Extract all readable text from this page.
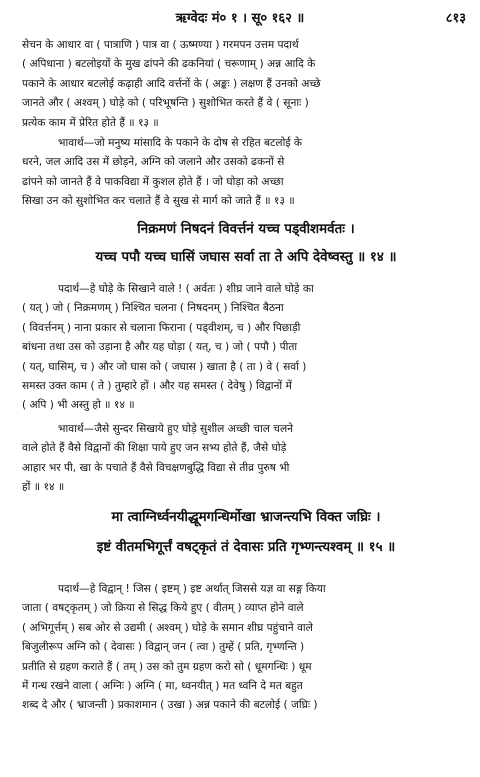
ऋग्वेदः मं० १ । सू० १६२ ॥	८१३

सेचन के आधार वा ( पात्राणि ) पात्र वा ( ऊष्मण्या ) गरमपन उत्तम पदार्थ

( अपिधाना ) बटलोइयों के मुख ढांपने की ढकनियां ( चरूणाम् ) अन्न आदि के

पकाने के आधार बटलोई कढ़ाही आदि वर्त्तनों के ( अङ्कः ) लक्षण हैं उनको अच्छे

जानते और ( अश्वम् ) घोड़े को ( परिभूषन्ति ) सुशोभित करते हैं वे ( सूनाः )

प्रत्येक काम में प्रेरित होते हैं ॥ १३ ॥

भावार्थ—जो मनुष्य मांसादि के पकाने के दोष से रहित बटलोई के

धरने, जल आदि उस में छोड़ने, अग्नि को जलाने और उसको ढकनों से

ढांपने को जानते हैं वे पाकविद्या में कुशल होते हैं । जो घोड़ा को अच्छा

सिखा उन को सुशोभित कर चलाते हैं वे सुख से मार्ग को जाते हैं ॥ १३ ॥

निक्रमणं निषदनं विवर्त्तनं यच्च पड्वीशमर्वतः ।

यच्च पपौ यच्च घासिं जघास सर्वा ता ते अपि देवेष्वस्तु ॥ १४ ॥

पदार्थ—हे घोड़े के सिखाने वाले ! ( अर्वतः ) शीघ्र जाने वाले घोड़े का

( यत् ) जो ( निक्रमणम् ) निश्चित चलना ( निषदनम् ) निश्चित बैठना

( विवर्त्तनम् ) नाना प्रकार से चलाना फिराना ( पड्वीशम्, च ) और पिछाड़ी

बांधना तथा उस को उड़ाना है और यह घोड़ा ( यत्, च ) जो ( पपौ ) पीता

( यत्, घासिम्, च ) और जो घास को ( जघास ) खाता है ( ता ) वे ( सर्वा )

समस्त उक्त काम ( ते ) तुम्हारे हों । और यह समस्त ( देवेषु ) विद्वानों में

( अपि ) भी अस्तु हो ॥ १४ ॥

भावार्थ—जैसे सुन्दर सिखाये हुए घोड़े सुशील अच्छी चाल चलने

वाले होते हैं वैसे विद्वानों की शिक्षा पाये हुए जन सभ्य होते हैं, जैसे घोड़े

आहार भर पी, खा के पचाते हैं वैसे विचक्षणबुद्धि विद्या से तीव्र पुरुष भी

हों ॥ १४ ॥

मा त्वाग्निर्ध्वनयीद्धूमगन्धिर्मोखा भ्राजन्त्यभि विक्त जघ्रिः ।

इष्टं वीतमभिगूर्त्तं वषट्कृतं तं देवासः प्रति गृभ्णन्त्यश्वम् ॥ १५ ॥

पदार्थ—हे विद्वान् ! जिस ( इष्टम् ) इष्ट अर्थात् जिससे यज्ञ वा सङ्ग किया

जाता ( वषट्कृतम् ) जो क्रिया से सिद्ध किये हुए ( वीतम् ) व्याप्त होने वाले

( अभिगूर्त्तम् ) सब ओर से उद्यमी ( अश्वम् ) घोड़े के समान शीघ्र पहुंचाने वाले

बिजुलीरूप अग्नि को ( देवासः ) विद्वान् जन ( त्वा ) तुम्हें ( प्रति, गृभ्णन्ति )

प्रतीति से ग्रहण कराते हैं ( तम् ) उस को तुम ग्रहण करो सो ( धूमगन्धिः ) धूम

में गन्ध रखने वाला ( अग्निः ) अग्नि ( मा, ध्वनयीत् ) मत ध्वनि दे मत बहुत

शब्द दे और ( भ्राजन्ती ) प्रकाशमान ( उखा ) अन्न पकाने की बटलोई ( जघ्रिः )
